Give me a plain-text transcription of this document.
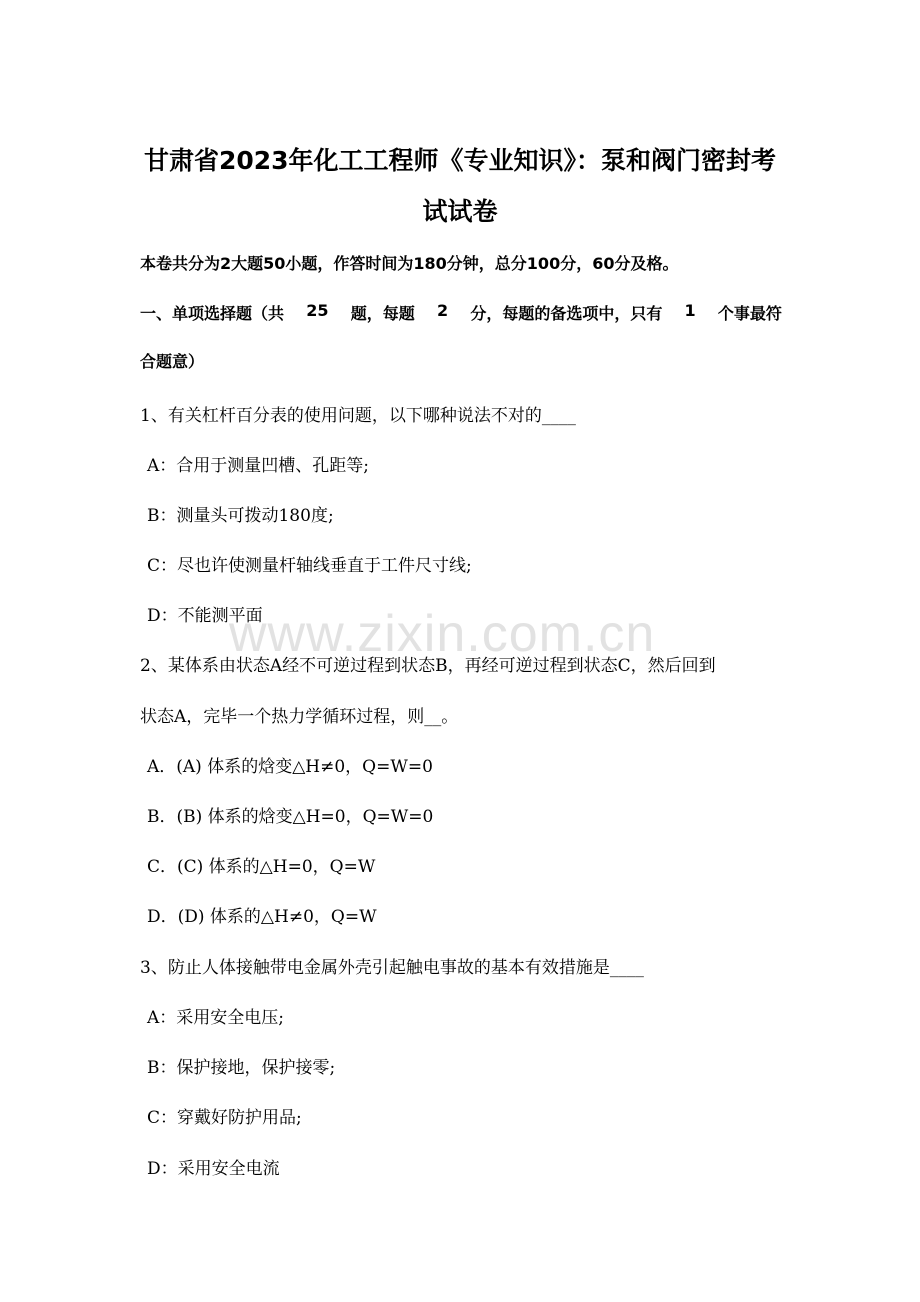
www.zixin.com.cn
甘肃省2023年化工工程师《专业知识》：泵和阀门密封考
试试卷
本卷共分为2大题50小题，作答时间为180分钟，总分100分，60分及格。
一、单项选择题（共 25 题，每题 2 分，每题的备选项中，只有 1 个事最符
合题意）
1、有关杠杆百分表的使用问题，以下哪种说法不对的____
A：合用于测量凹槽、孔距等;
B：测量头可拨动180度;
C：尽也许使测量杆轴线垂直于工件尺寸线;
D：不能测平面
2、某体系由状态A经不可逆过程到状态B，再经可逆过程到状态C，然后回到
状态A，完毕一个热力学循环过程，则__。
A．(A) 体系的焓变△H≠0，Q=W=0
B．(B) 体系的焓变△H=0，Q=W=0
C．(C) 体系的△H=0，Q=W
D．(D) 体系的△H≠0，Q=W
3、防止人体接触带电金属外壳引起触电事故的基本有效措施是____
A：采用安全电压;
B：保护接地，保护接零;
C：穿戴好防护用品;
D：采用安全电流
